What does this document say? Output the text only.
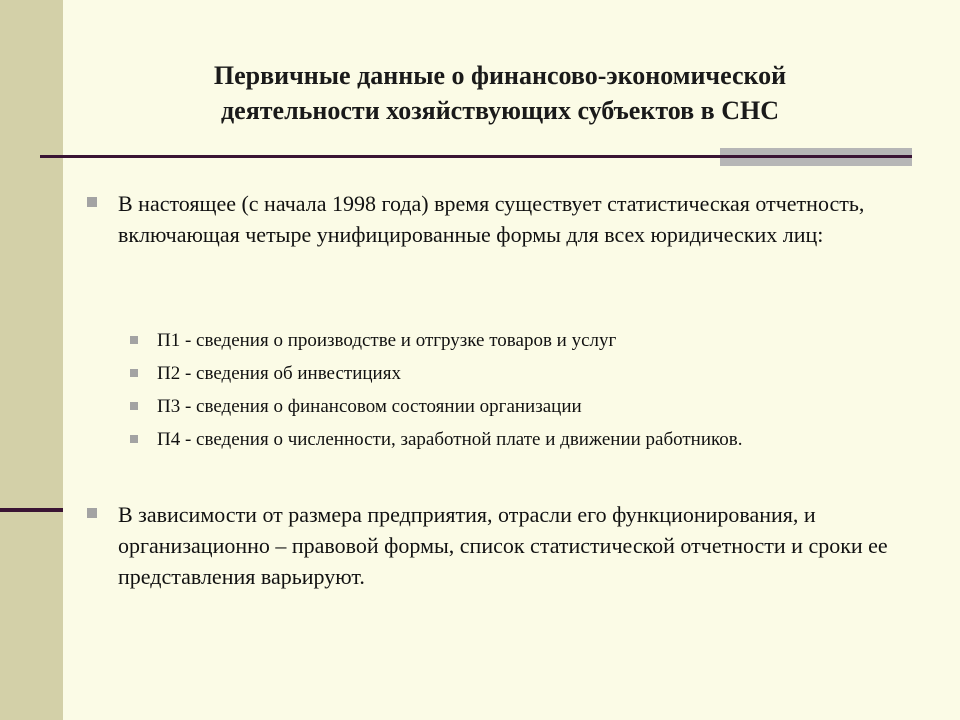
Первичные данные о финансово-экономической
деятельности хозяйствующих субъектов в СНС
В настоящее (с начала 1998 года) время существует статистическая отчетность, включающая четыре унифицированные формы для всех юридических лиц:
П1 - сведения о производстве и отгрузке товаров и услуг
П2 - сведения об инвестициях
П3 - сведения о финансовом состоянии организации
П4 - сведения о численности, заработной плате и движении работников.
В зависимости от размера предприятия, отрасли его функционирования, и организационно – правовой формы, список статистической отчетности и сроки ее представления варьируют.
